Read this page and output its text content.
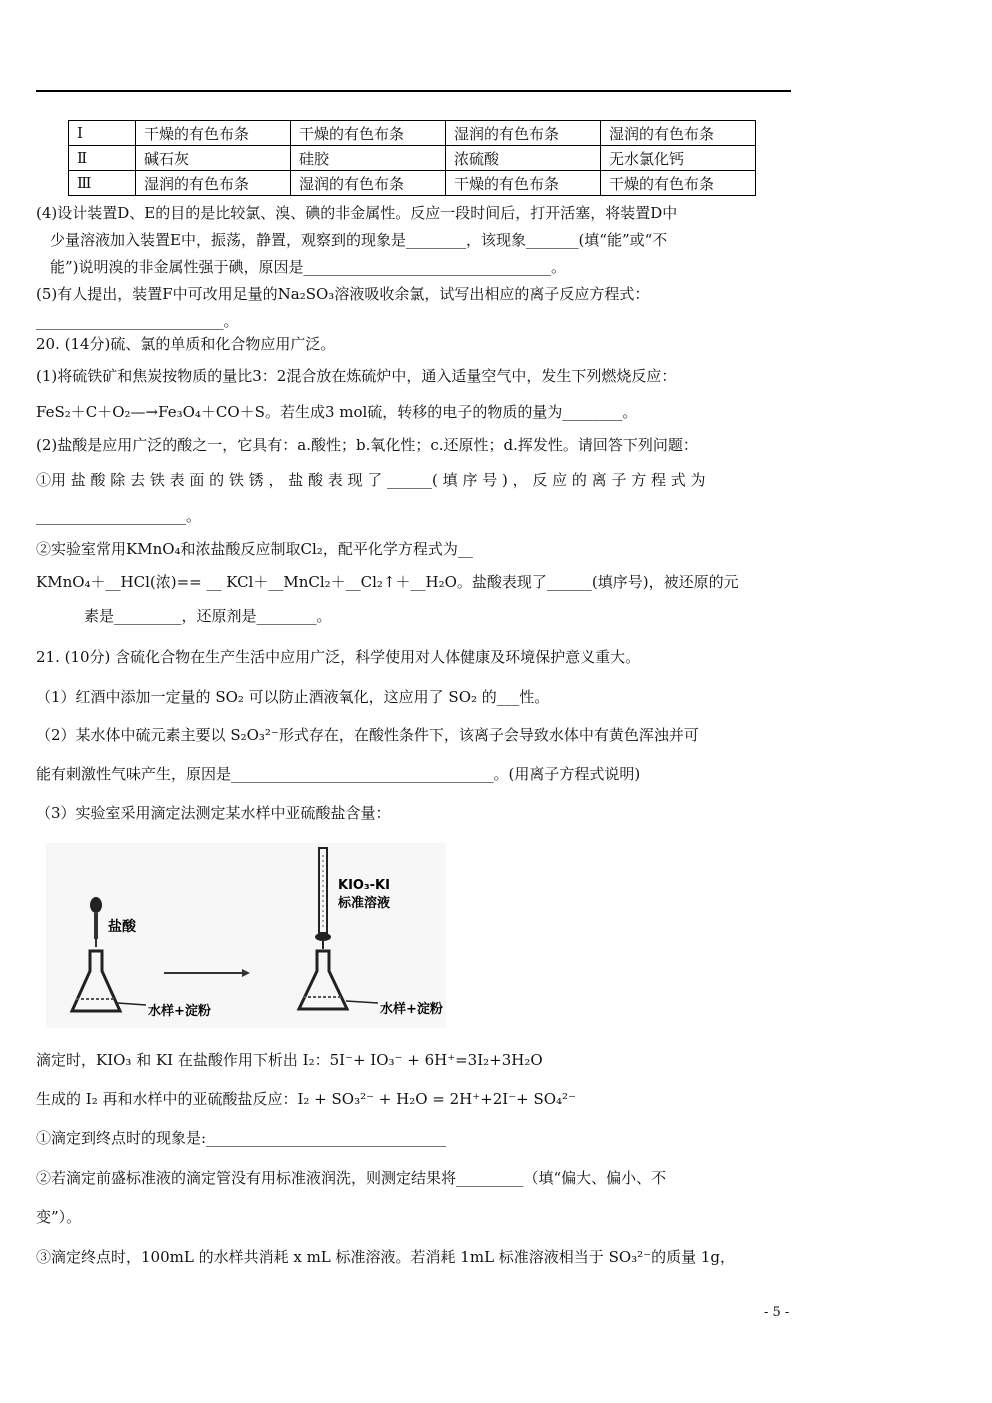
Ⅰ	干燥的有色布条	干燥的有色布条	湿润的有色布条	湿润的有色布条
Ⅱ	碱石灰	硅胶	浓硫酸	无水氯化钙
Ⅲ	湿润的有色布条	湿润的有色布条	干燥的有色布条	干燥的有色布条
(4)设计装置D、E的目的是比较氯、溴、碘的非金属性。反应一段时间后，打开活塞，将装置D中
少量溶液加入装置E中，振荡，静置，观察到的现象是________，该现象_______(填“能”或“不
能”)说明溴的非金属性强于碘，原因是_________________________________。
(5)有人提出，装置F中可改用足量的Na₂SO₃溶液吸收余氯，试写出相应的离子反应方程式：
_________________________。
20. (14分)硫、氯的单质和化合物应用广泛。
(1)将硫铁矿和焦炭按物质的量比3：2混合放在炼硫炉中，通入适量空气中，发生下列燃烧反应：
FeS₂＋C＋O₂—→Fe₃O₄＋CO＋S。若生成3 mol硫，转移的电子的物质的量为________。
(2)盐酸是应用广泛的酸之一，它具有：a.酸性；b.氧化性；c.还原性；d.挥发性。请回答下列问题：
①用 盐 酸 除 去 铁 表 面 的 铁 锈 ， 盐 酸 表 现 了 ______( 填 序 号 ) ， 反 应 的 离 子 方 程 式 为
____________________。
②实验室常用KMnO₄和浓盐酸反应制取Cl₂，配平化学方程式为__
KMnO₄＋__HCl(浓)== __ KCl＋__MnCl₂＋__Cl₂↑＋__H₂O。盐酸表现了______(填序号)，被还原的元
素是_________，还原剂是________。
21. (10分) 含硫化合物在生产生活中应用广泛，科学使用对人体健康及环境保护意义重大。
（1）红酒中添加一定量的 SO₂ 可以防止酒液氧化，这应用了 SO₂ 的___性。
（2）某水体中硫元素主要以 S₂O₃²⁻形式存在，在酸性条件下，该离子会导致水体中有黄色浑浊并可
能有刺激性气味产生，原因是___________________________________。(用离子方程式说明)
（3）实验室采用滴定法测定某水样中亚硫酸盐含量：
盐酸
水样+淀粉
KIO₃-KI
标准溶液
水样+淀粉
滴定时，KIO₃ 和 KI 在盐酸作用下析出 I₂：5I⁻+ IO₃⁻ + 6H⁺=3I₂+3H₂O
生成的 I₂ 再和水样中的亚硫酸盐反应：I₂ + SO₃²⁻ + H₂O = 2H⁺+2I⁻+ SO₄²⁻
①滴定到终点时的现象是:________________________________
②若滴定前盛标准液的滴定管没有用标准液润洗，则测定结果将_________（填“偏大、偏小、不
变”）。
③滴定终点时，100mL 的水样共消耗 x mL 标准溶液。若消耗 1mL 标准溶液相当于 SO₃²⁻的质量 1g，
- 5 -
